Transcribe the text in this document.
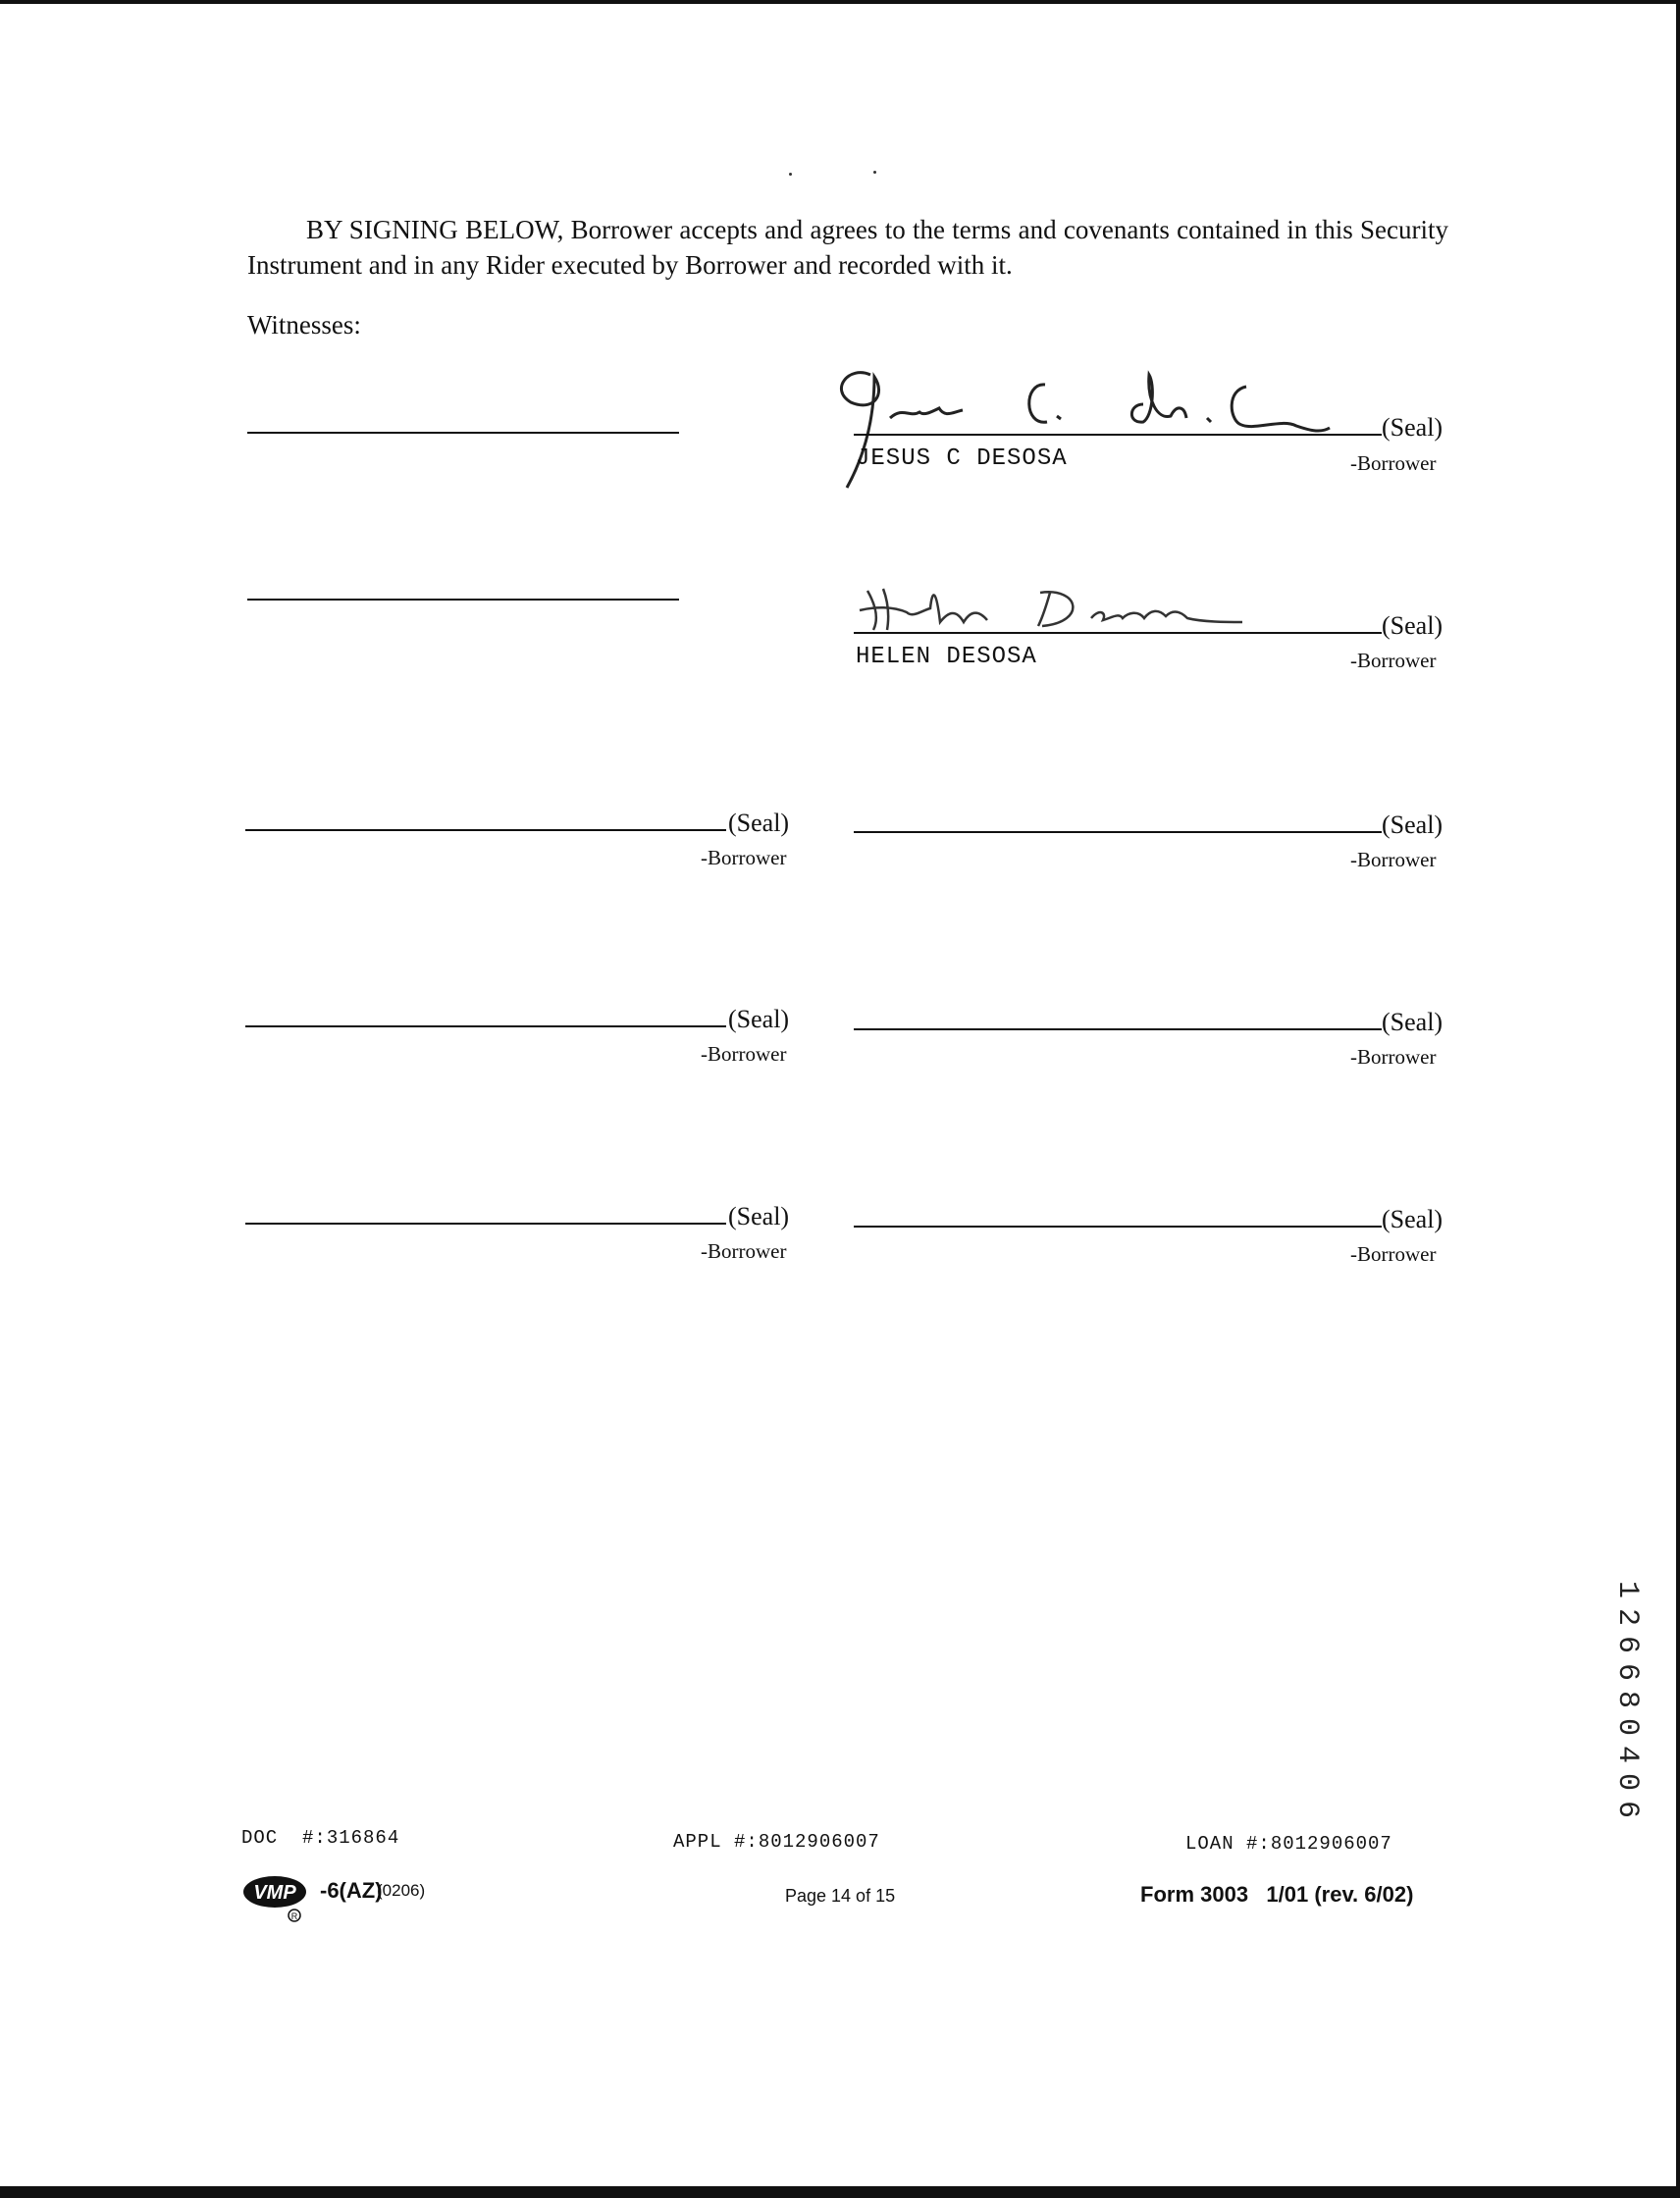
BY SIGNING BELOW, Borrower accepts and agrees to the terms and covenants contained in this Security Instrument and in any Rider executed by Borrower and recorded with it.
Witnesses:
(Seal)
JESUS C DESOSA	-Borrower
(Seal)
HELEN DESOSA	-Borrower
(Seal)
-Borrower
(Seal)
-Borrower
(Seal)
-Borrower
(Seal)
-Borrower
(Seal)
-Borrower
(Seal)
-Borrower
DOC  #:316864	APPL #:8012906007	LOAN #:8012906007
VMP
R
-6(AZ)
(0206)	Page 14 of 15	Form 3003   1/01 (rev. 6/02)
1
2
6
6
8
0
4
0
6
